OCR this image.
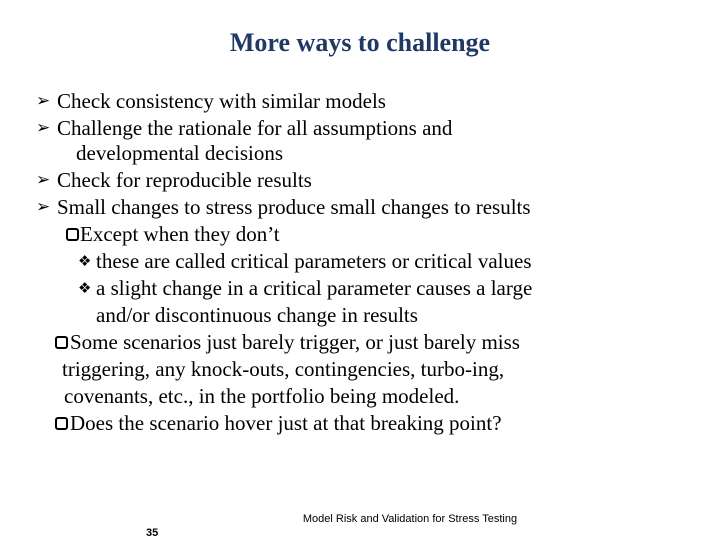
More ways to challenge
➢ Check consistency with similar models
➢ Challenge the rationale for all assumptions and
developmental decisions
➢ Check for reproducible results
➢ Small changes to stress produce small changes to results
Except when they don’t
❖ these are called critical parameters or critical values
❖ a slight change in a critical parameter causes a large
and/or discontinuous change in results
Some scenarios just barely trigger, or just barely miss
triggering, any knock-outs, contingencies, turbo-ing,
covenants, etc., in the portfolio being modeled.
Does the scenario hover just at that breaking point?
Model Risk and Validation for Stress Testing
35
